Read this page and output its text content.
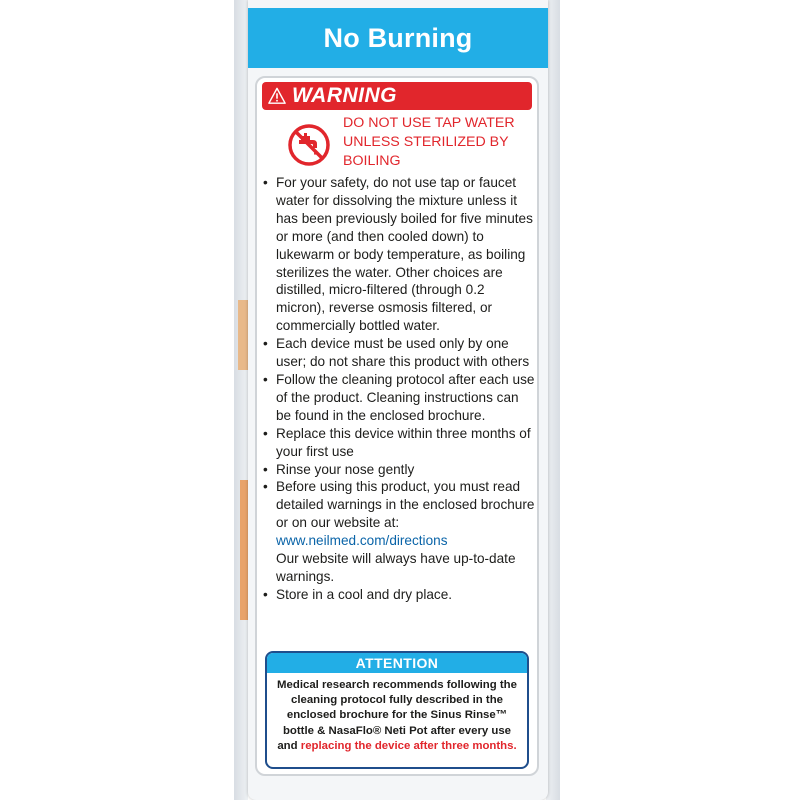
No Burning
WARNING
DO NOT USE TAP WATER UNLESS STERILIZED BY BOILING
• For your safety, do not use tap or faucet water for dissolving the mixture unless it has been previously boiled for five minutes or more (and then cooled down) to lukewarm or body temperature, as boiling sterilizes the water. Other choices are distilled, micro-filtered (through 0.2 micron), reverse osmosis filtered, or commercially bottled water.
• Each device must be used only by one user; do not share this product with others
• Follow the cleaning protocol after each use of the product. Cleaning instructions can be found in the enclosed brochure.
• Replace this device within three months of your first use
• Rinse your nose gently
• Before using this product, you must read detailed warnings in the enclosed brochure or on our website at:
www.neilmed.com/directions
Our website will always have up-to-date warnings.
• Store in a cool and dry place.
ATTENTION
Medical research recommends following the cleaning protocol fully described in the enclosed brochure for the Sinus Rinse™ bottle & NasaFlo® Neti Pot after every use and replacing the device after three months.
